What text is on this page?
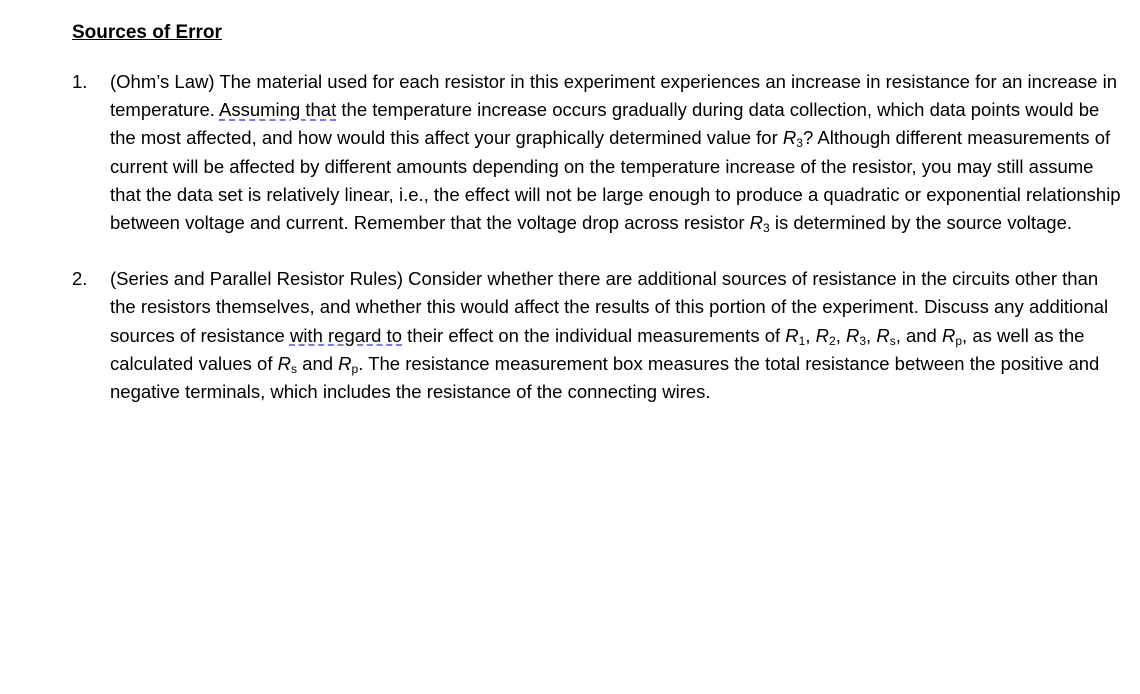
Sources of Error
1.	(Ohm’s Law) The material used for each resistor in this experiment experiences an increase in resistance for an increase in temperature. Assuming that the temperature increase occurs gradually during data collection, which data points would be the most affected, and how would this affect your graphically determined value for $R_3$? Although different measurements of current will be affected by different amounts depending on the temperature increase of the resistor, you may still assume that the data set is relatively linear, i.e., the effect will not be large enough to produce a quadratic or exponential relationship between voltage and current. Remember that the voltage drop across resistor $R_3$ is determined by the source voltage.
2.	(Series and Parallel Resistor Rules) Consider whether there are additional sources of resistance in the circuits other than the resistors themselves, and whether this would affect the results of this portion of the experiment. Discuss any additional sources of resistance with regard to their effect on the individual measurements of $R_1$, $R_2$, $R_3$, $R_s$, and $R_p$, as well as the calculated values of $R_s$ and $R_p$. The resistance measurement box measures the total resistance between the positive and negative terminals, which includes the resistance of the connecting wires.
